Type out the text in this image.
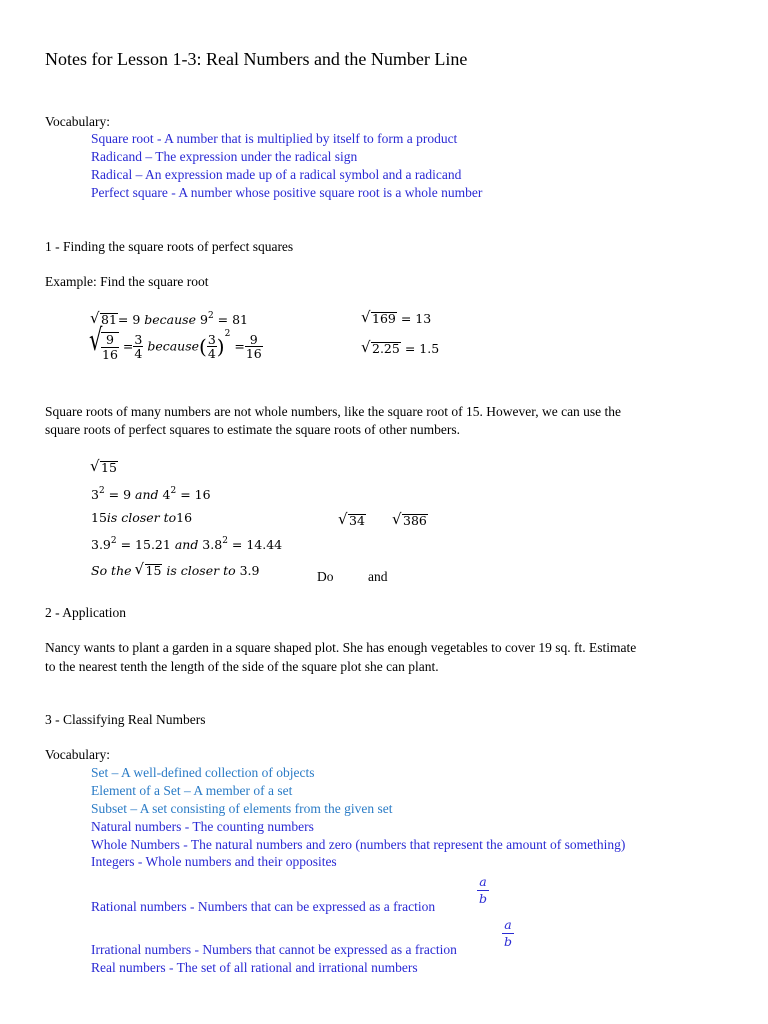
Notes for Lesson 1-3: Real Numbers and the Number Line
Vocabulary:
Square root - A number that is multiplied by itself to form a product
Radicand – The expression under the radical sign
Radical – An expression made up of a radical symbol and a radicand
Perfect square - A number whose positive square root is a whole number
1 - Finding the square roots of perfect squares
Example: Find the square root
√ 81= 9 because $9^2 = 81$
√ $\frac{9}{16} = \frac{3}{4}$ because( $\frac{3}{4} )^2 = \frac{9}{16}$
√ 169 = 13
√ 2.25 = 1.5
Square roots of many numbers are not whole numbers, like the square root of 15. However, we can use the
square roots of perfect squares to estimate the square roots of other numbers.
√ 15
$3^2 = 9$ and $4^2 = 16$
15is closer to16
$3.9^2 = 15.21$ and $3.8^2 = 14.44$
So the √ 15 is closer to 3.9
√ 34
√	386
Do	and
2 - Application
Nancy wants to plant a garden in a square shaped plot. She has enough vegetables to cover 19 sq. ft. Estimate
to the nearest tenth the length of the side of the square plot she can plant.
3 - Classifying Real Numbers
Vocabulary:
Set – A well-defined collection of objects
Element of a Set – A member of a set
Subset – A set consisting of elements from the given set
Natural numbers - The counting numbers
Whole Numbers - The natural numbers and zero (numbers that represent the amount of something)
Integers - Whole numbers and their opposites
Rational numbers - Numbers that can be expressed as a fraction
a
b
Irrational numbers - Numbers that cannot be expressed as a fraction
a
b
Real numbers - The set of all rational and irrational numbers
